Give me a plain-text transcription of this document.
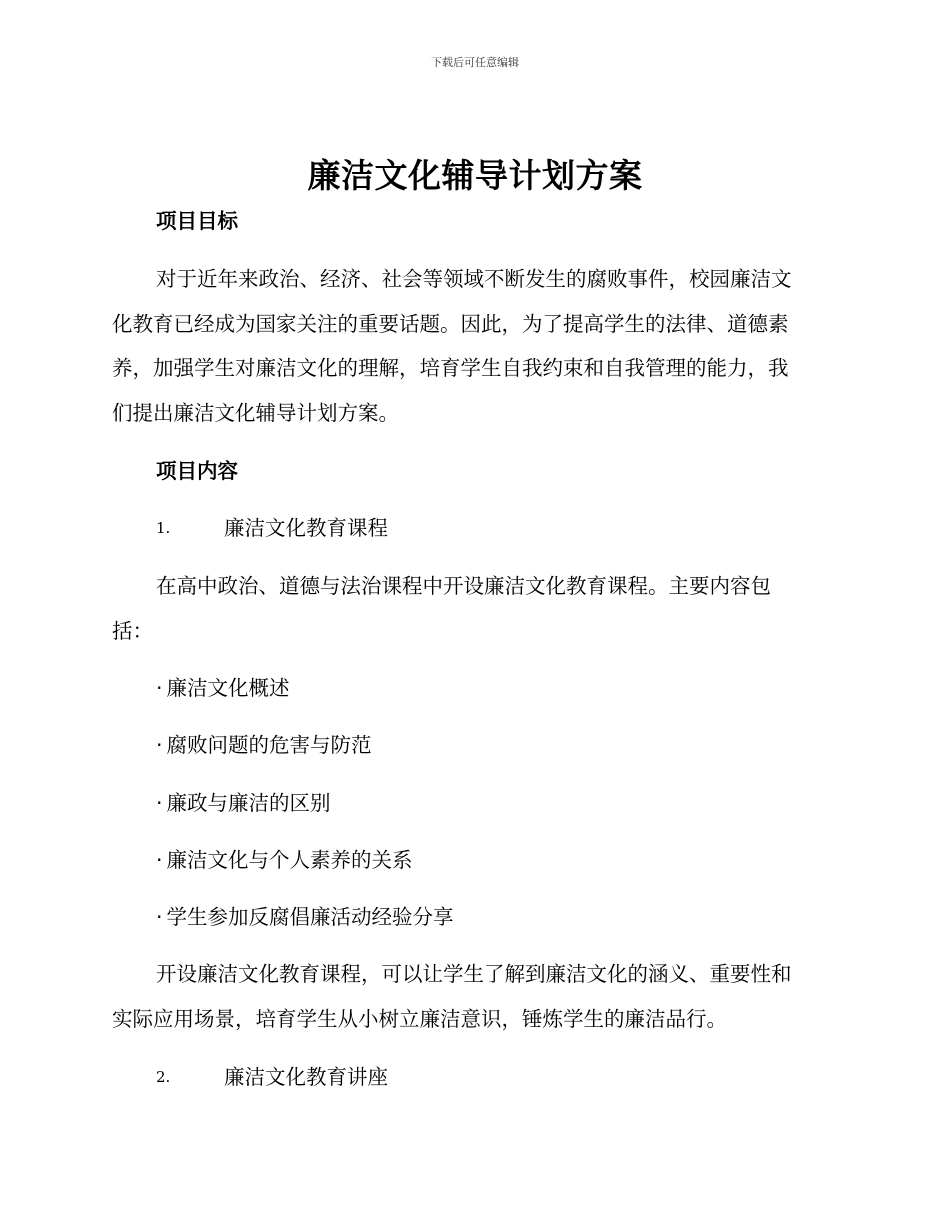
下载后可任意编辑
廉洁文化辅导计划方案
项目目标
对于近年来政治、经济、社会等领域不断发生的腐败事件，校园廉洁文
化教育已经成为国家关注的重要话题。因此，为了提高学生的法律、道德素
养，加强学生对廉洁文化的理解，培育学生自我约束和自我管理的能力，我
们提出廉洁文化辅导计划方案。
项目内容
1.	廉洁文化教育课程
在高中政治、道德与法治课程中开设廉洁文化教育课程。主要内容包
括：
· 廉洁文化概述
· 腐败问题的危害与防范
· 廉政与廉洁的区别
· 廉洁文化与个人素养的关系
· 学生参加反腐倡廉活动经验分享
开设廉洁文化教育课程，可以让学生了解到廉洁文化的涵义、重要性和
实际应用场景，培育学生从小树立廉洁意识，锤炼学生的廉洁品行。
2.	廉洁文化教育讲座
